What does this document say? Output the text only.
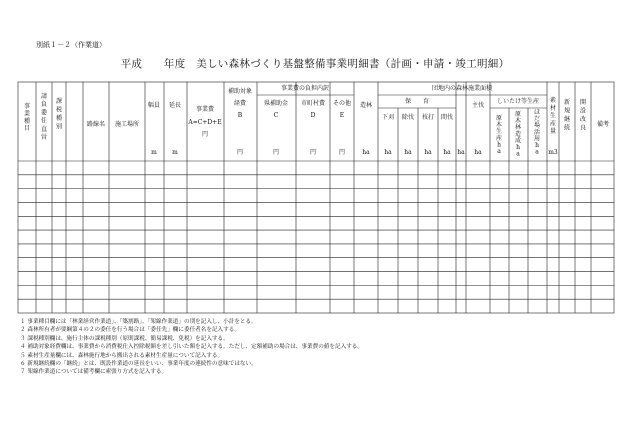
別紙１－２（作業道）
平成　　年度　美しい森林づくり基盤整備事業明細書（計画・申請・竣工明細）
事業種目
請負委任直営
課税種別	路線名 施工場所
幅員
m
延長
m
事業費
A=C+D+E
円
補助対象
経費
B
円
事業費の負担内訳
県補助金
C
円
市町村費
D
円
その他
E
円
造林
ha
団地内の森林施業面積
保　　育
下刈 除伐 枝打 間伐
ha ha ha ha
主伐
ha
しいたけ等生産
原木生産 h a
原木林造成 h a
ほだ場活用 h a
素材生産量
m3
新規継続
開設改良 備考
ha
１ 事業種目欄には「林業経営作業道」、「築割路」、「架線作業道」の別を記入し、小計をとる。
２ 森林所有者が要綱第４の２の委任を行う場合は「委任先」欄に委任者名を記入する。
３ 課税種別欄は、施行主体の課税種別（原則課税、簡易課税、免税）を記入する。
４ 補助対象経費欄は、事業費から消費税仕入控除税額を差し引いた額を記入する。ただし、定額補助の場合は、事業費の値を記入する。
５ 素材生産量欄には、森林施行地から搬出される素材生産量について記入する。
６ 新規継続欄の「継続」とは、既設作業道の延長をいい、事業年度の連続性の意味ではない。
７ 架線作業道については備考欄に索張り方式を記入する。
